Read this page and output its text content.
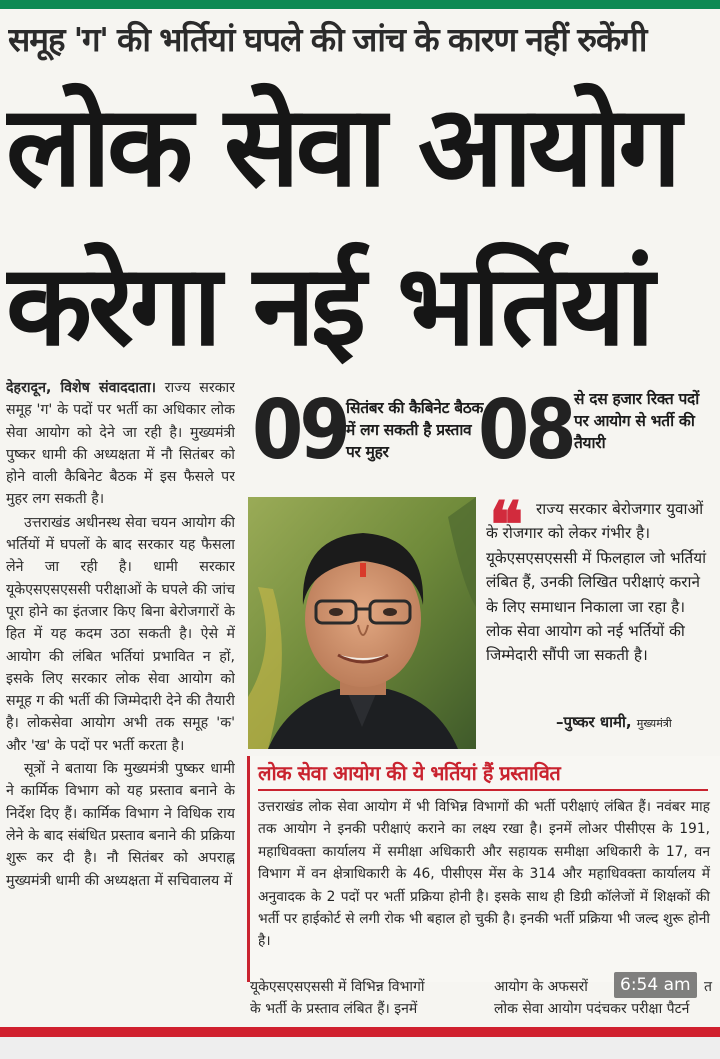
समूह 'ग' की भर्तियां घपले की जांच के कारण नहीं रुकेंगी
लोक सेवा आयोग
करेगा नई भर्तियां

देहरादून, विशेष संवाददाता। राज्य सरकार समूह 'ग' के पदों पर भर्ती का अधिकार लोक सेवा आयोग को देने जा रही है। मुख्यमंत्री पुष्कर धामी की अध्यक्षता में नौ सितंबर को होने वाली कैबिनेट बैठक में इस फैसले पर मुहर लग सकती है।

उत्तराखंड अधीनस्थ सेवा चयन आयोग की भर्तियों में घपलों के बाद सरकार यह फैसला लेने जा रही है। धामी सरकार यूकेएसएसएससी परीक्षाओं के घपले की जांच पूरा होने का इंतजार किए बिना बेरोजगारों के हित में यह कदम उठा सकती है। ऐसे में आयोग की लंबित भर्तियां प्रभावित न हों, इसके लिए सरकार लोक सेवा आयोग को समूह ग की भर्ती की जिम्मेदारी देने की तैयारी है। लोकसेवा आयोग अभी तक समूह 'क' और 'ख' के पदों पर भर्ती करता है।

सूत्रों ने बताया कि मुख्यमंत्री पुष्कर धामी ने कार्मिक विभाग को यह प्रस्ताव बनाने के निर्देश दिए हैं। कार्मिक विभाग ने विधिक राय लेने के बाद संबंधित प्रस्ताव बनाने की प्रक्रिया शुरू कर दी है। नौ सितंबर को अपराह्न मुख्यमंत्री धामी की अध्यक्षता में सचिवालय में

09 सितंबर की कैबिनेट बैठक में लग सकती है प्रस्ताव पर मुहर	08 से दस हजार रिक्त पदों पर आयोग से भर्ती की तैयारी
❝ राज्य सरकार बेरोजगार युवाओं के रोजगार को लेकर गंभीर है। यूकेएसएसएससी में फिलहाल जो भर्तियां लंबित हैं, उनकी लिखित परीक्षाएं कराने के लिए समाधान निकाला जा रहा है। लोक सेवा आयोग को नई भर्तियों की जिम्मेदारी सौंपी जा सकती है।
–पुष्कर धामी, मुख्यमंत्री
लोक सेवा आयोग की ये भर्तियां हैं प्रस्तावित
उत्तराखंड लोक सेवा आयोग में भी विभिन्न विभागों की भर्ती परीक्षाएं लंबित हैं। नवंबर माह तक आयोग ने इनकी परीक्षाएं कराने का लक्ष्य रखा है। इनमें लोअर पीसीएस के 191, महाधिवक्ता कार्यालय में समीक्षा अधिकारी और सहायक समीक्षा अधिकारी के 17, वन विभाग में वन क्षेत्राधिकारी के 46, पीसीएस मेंस के 314 और महाधिवक्ता कार्यालय में अनुवादक के 2 पदों पर भर्ती प्रक्रिया होनी है। इसके साथ ही डिग्री कॉलेजों में शिक्षकों की भर्ती पर हाईकोर्ट से लगी रोक भी बहाल हो चुकी है। इनकी भर्ती प्रक्रिया भी जल्द शुरू होनी है।
यूकेएसएसएससी में विभिन्न विभागों
के भर्ती के प्रस्ताव लंबित हैं। इनमें
आयोग के अफसरों	त
लोक सेवा आयोग पदंचकर परीक्षा पैटर्न
6:54 am
